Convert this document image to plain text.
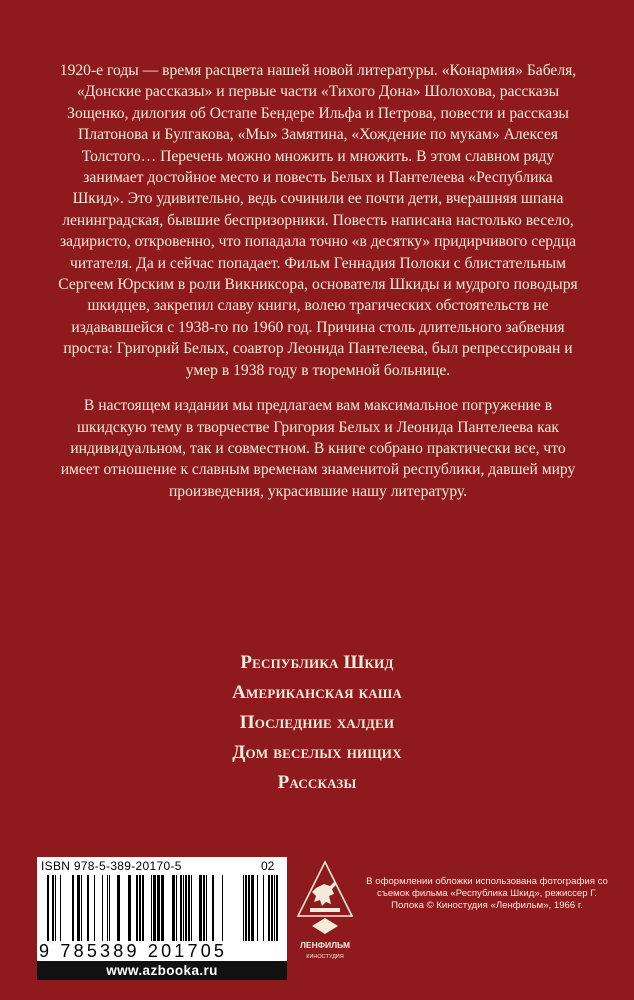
1920-е годы — время расцвета нашей новой литературы. «Конармия» Бабеля, «Донские рассказы» и первые части «Тихого Дона» Шолохова, рассказы Зощенко, дилогия об Остапе Бендере Ильфа и Петрова, повести и рассказы Платонова и Булгакова, «Мы» Замятина, «Хождение по мукам» Алексея Толстого… Перечень можно множить и множить. В этом славном ряду занимает достойное место и повесть Белых и Пантелеева «Республика Шкид». Это удивительно, ведь сочинили ее почти дети, вчерашняя шпана ленинградская, бывшие беспризорники. Повесть написана настолько весело, задиристо, откровенно, что попадала точно «в десятку» придирчивого сердца читателя. Да и сейчас попадает. Фильм Геннадия Полоки с блистательным Сергеем Юрским в роли Викниксора, основателя Шкиды и мудрого поводыря шкидцев, закрепил славу книги, волею трагических обстоятельств не издававшейся с 1938-го по 1960 год. Причина столь длительного забвения проста: Григорий Белых, соавтор Леонида Пантелеева, был репрессирован и умер в 1938 году в тюремной больнице.

В настоящем издании мы предлагаем вам максимальное погружение в шкидскую тему в творчестве Григория Белых и Леонида Пантелеева как индивидуальном, так и совместном. В книге собрано практически все, что имеет отношение к славным временам знаменитой республики, давшей миру произведения, украсившие нашу литературу.

Республика Шкид
Американская каша
Последние халдеи
Дом веселых нищих
Рассказы
ISBN 978-5-389-20170-5	02
9 785389 201705
www.azbooka.ru
ЛЕНФИЛЬМ
КИНОСТУДИЯ
В оформлении обложки использована фотография со съемок фильма «Республика Шкид», режиссер Г. Полока © Киностудия «Ленфильм», 1966 г.
